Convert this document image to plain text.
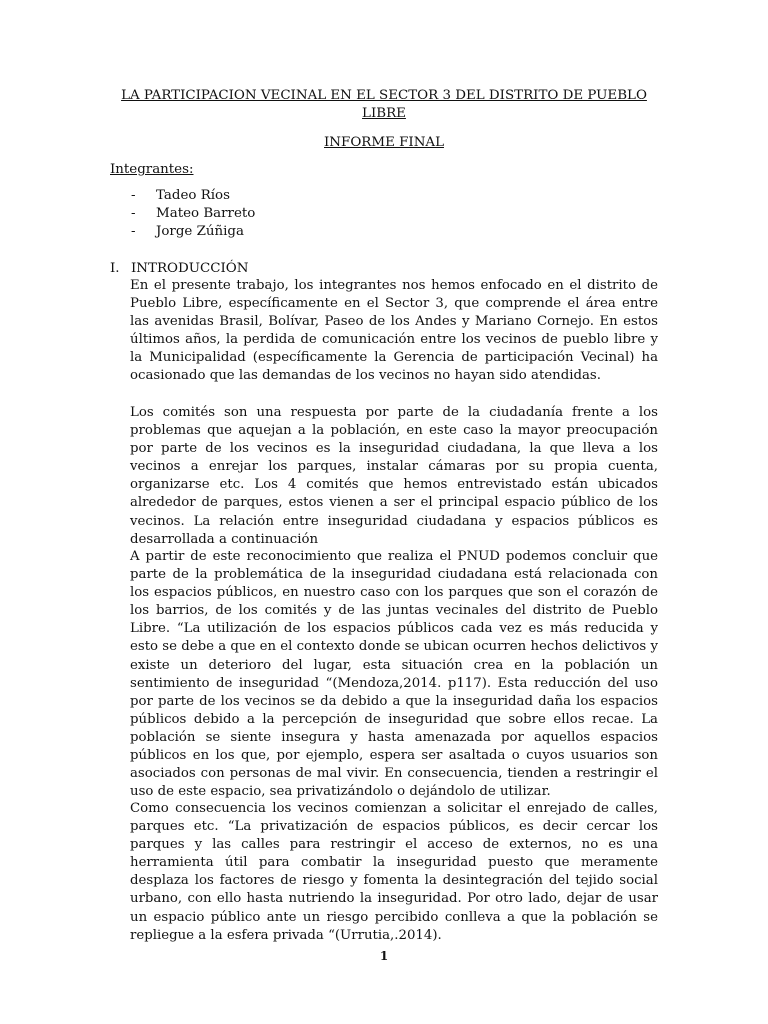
LA PARTICIPACION VECINAL EN EL SECTOR 3 DEL DISTRITO DE PUEBLO LIBRE
INFORME FINAL
Integrantes:
- Tadeo Ríos
- Mateo Barreto
- Jorge Zúñiga
I. INTRODUCCIÓN

En el presente trabajo, los integrantes nos hemos enfocado en el distrito de Pueblo Libre, específicamente en el Sector 3, que comprende el área entre las avenidas Brasil, Bolívar, Paseo de los Andes y Mariano Cornejo. En estos últimos años, la perdida de comunicación entre los vecinos de pueblo libre y la Municipalidad (específicamente la Gerencia de participación Vecinal) ha ocasionado que las demandas de los vecinos no hayan sido atendidas.

Los comités son una respuesta por parte de la ciudadanía frente a los problemas que aquejan a la población, en este caso la mayor preocupación por parte de los vecinos es la inseguridad ciudadana, la que lleva a los vecinos a enrejar los parques, instalar cámaras por su propia cuenta, organizarse etc. Los 4 comités que hemos entrevistado están ubicados alrededor de parques, estos vienen a ser el principal espacio público de los vecinos. La relación entre inseguridad ciudadana y espacios públicos es desarrollada a continuación

A partir de este reconocimiento que realiza el PNUD podemos concluir que parte de la problemática de la inseguridad ciudadana está relacionada con los espacios públicos, en nuestro caso con los parques que son el corazón de los barrios, de los comités y de las juntas vecinales del distrito de Pueblo Libre. “La utilización de los espacios públicos cada vez es más reducida y esto se debe a que en el contexto donde se ubican ocurren hechos delictivos y existe un deterioro del lugar, esta situación crea en la población un sentimiento de inseguridad “(Mendoza,2014. p117). Esta reducción del uso por parte de los vecinos se da debido a que la inseguridad daña los espacios públicos debido a la percepción de inseguridad que sobre ellos recae. La población se siente insegura y hasta amenazada por aquellos espacios públicos en los que, por ejemplo, espera ser asaltada o cuyos usuarios son asociados con personas de mal vivir. En consecuencia, tienden a restringir el uso de este espacio, sea privatizándolo o dejándolo de utilizar.

Como consecuencia los vecinos comienzan a solicitar el enrejado de calles, parques etc. “La privatización de espacios públicos, es decir cercar los parques y las calles para restringir el acceso de externos, no es una herramienta útil para combatir la inseguridad puesto que meramente desplaza los factores de riesgo y fomenta la desintegración del tejido social urbano, con ello hasta nutriendo la inseguridad. Por otro lado, dejar de usar un espacio público ante un riesgo percibido conlleva a que la población se repliegue a la esfera privada “(Urrutia,.2014).

1
